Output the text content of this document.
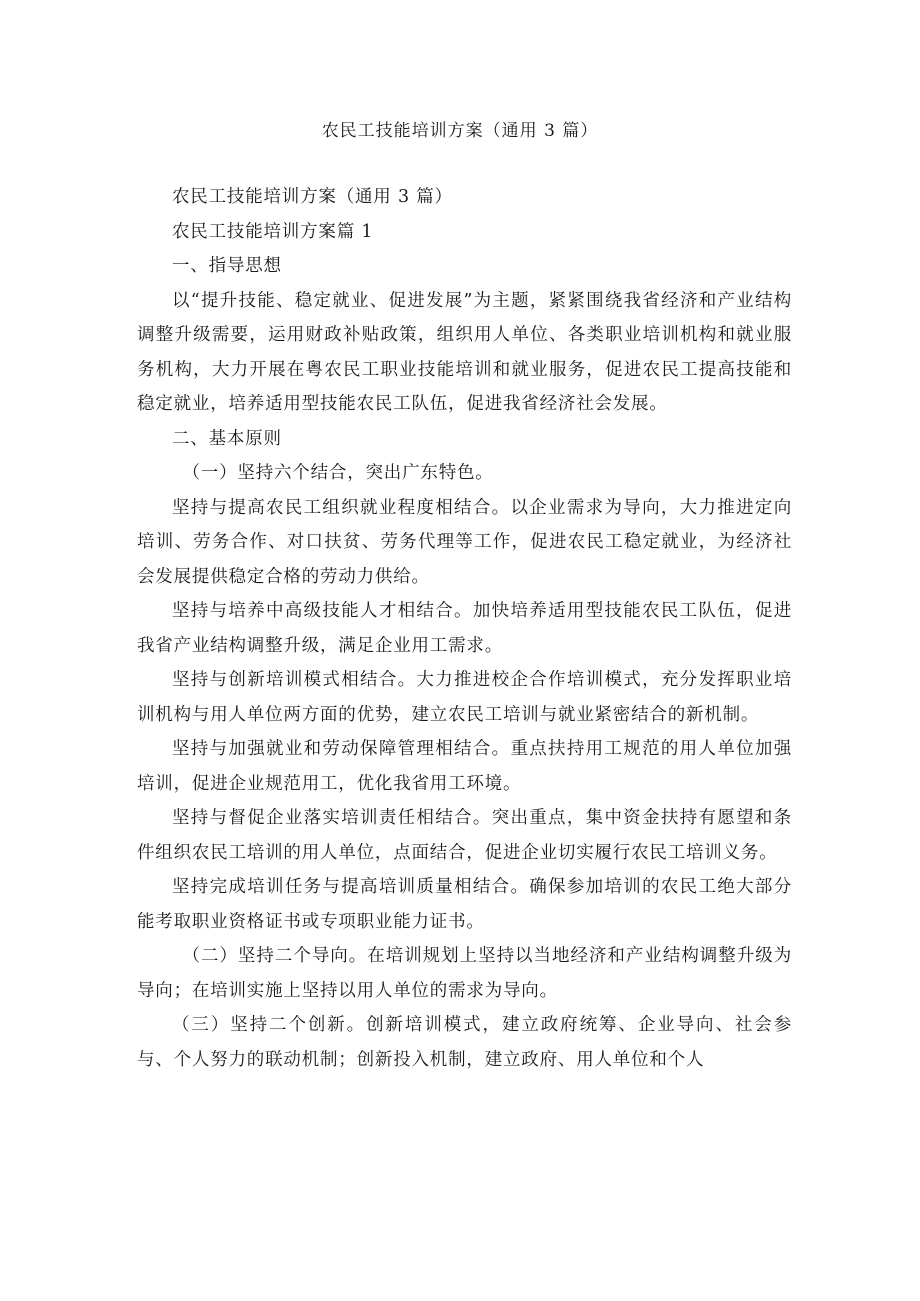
农民工技能培训方案（通用 3 篇）

农民工技能培训方案（通用 3 篇）

农民工技能培训方案篇 1

一、指导思想

以“提升技能、稳定就业、促进发展”为主题，紧紧围绕我省经济和产业结构调整升级需要，运用财政补贴政策，组织用人单位、各类职业培训机构和就业服务机构，大力开展在粤农民工职业技能培训和就业服务，促进农民工提高技能和稳定就业，培养适用型技能农民工队伍，促进我省经济社会发展。

二、基本原则

（一）坚持六个结合，突出广东特色。

坚持与提高农民工组织就业程度相结合。以企业需求为导向，大力推进定向培训、劳务合作、对口扶贫、劳务代理等工作，促进农民工稳定就业，为经济社会发展提供稳定合格的劳动力供给。

坚持与培养中高级技能人才相结合。加快培养适用型技能农民工队伍，促进我省产业结构调整升级，满足企业用工需求。

坚持与创新培训模式相结合。大力推进校企合作培训模式，充分发挥职业培训机构与用人单位两方面的优势，建立农民工培训与就业紧密结合的新机制。

坚持与加强就业和劳动保障管理相结合。重点扶持用工规范的用人单位加强培训，促进企业规范用工，优化我省用工环境。

坚持与督促企业落实培训责任相结合。突出重点，集中资金扶持有愿望和条件组织农民工培训的用人单位，点面结合，促进企业切实履行农民工培训义务。

坚持完成培训任务与提高培训质量相结合。确保参加培训的农民工绝大部分能考取职业资格证书或专项职业能力证书。

（二）坚持二个导向。在培训规划上坚持以当地经济和产业结构调整升级为导向；在培训实施上坚持以用人单位的需求为导向。

（三）坚持二个创新。创新培训模式，建立政府统筹、企业导向、社会参与、个人努力的联动机制；创新投入机制，建立政府、用人单位和个人
